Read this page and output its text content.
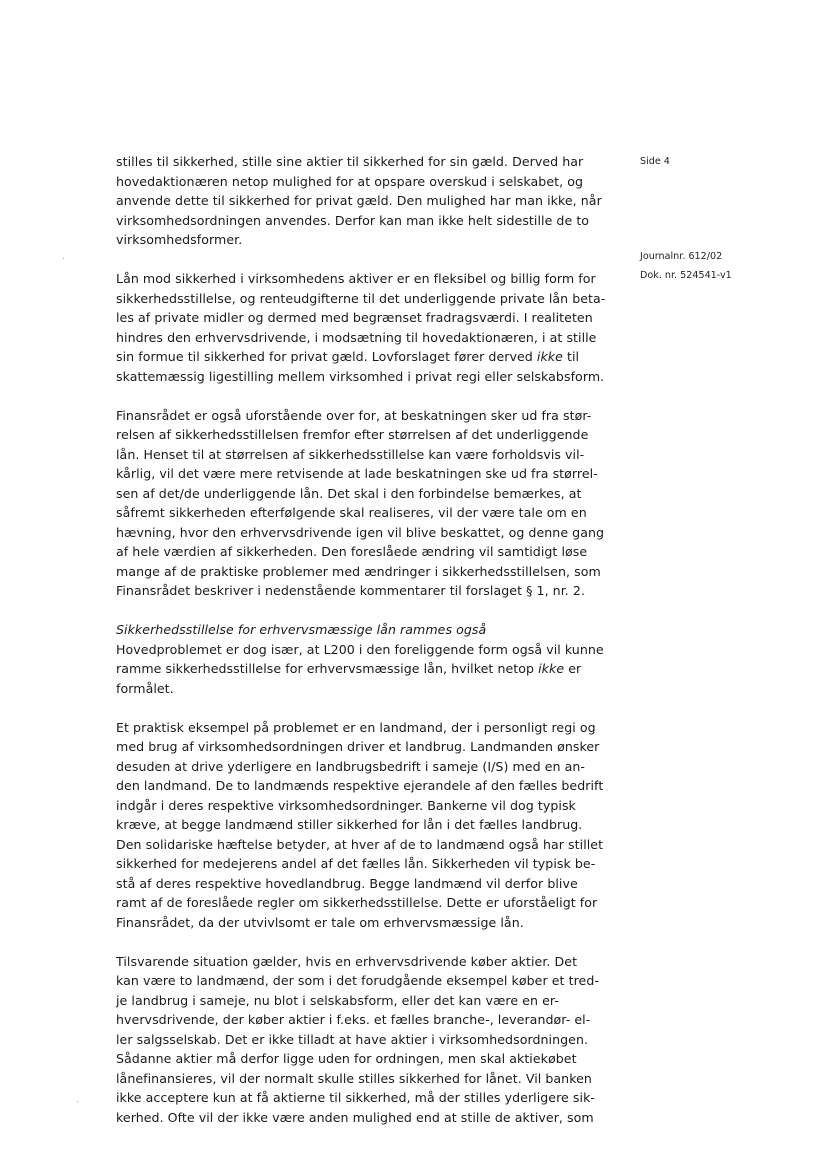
Side 4
Journalnr. 612/02
Dok. nr. 524541-v1
stilles til sikkerhed, stille sine aktier til sikkerhed for sin gæld. Derved har
hovedaktionæren netop mulighed for at opspare overskud i selskabet, og
anvende dette til sikkerhed for privat gæld. Den mulighed har man ikke, når
virksomhedsordningen anvendes. Derfor kan man ikke helt sidestille de to
virksomhedsformer.
Lån mod sikkerhed i virksomhedens aktiver er en fleksibel og billig form for
sikkerhedsstillelse, og renteudgifterne til det underliggende private lån beta-
les af private midler og dermed med begrænset fradragsværdi. I realiteten
hindres den erhvervsdrivende, i modsætning til hovedaktionæren, i at stille
sin formue til sikkerhed for privat gæld. Lovforslaget fører derved ikke til
skattemæssig ligestilling mellem virksomhed i privat regi eller selskabsform.
Finansrådet er også uforstående over for, at beskatningen sker ud fra stør-
relsen af sikkerhedsstillelsen fremfor efter størrelsen af det underliggende
lån. Henset til at størrelsen af sikkerhedsstillelse kan være forholdsvis vil-
kårlig, vil det være mere retvisende at lade beskatningen ske ud fra størrel-
sen af det/de underliggende lån. Det skal i den forbindelse bemærkes, at
såfremt sikkerheden efterfølgende skal realiseres, vil der være tale om en
hævning, hvor den erhvervsdrivende igen vil blive beskattet, og denne gang
af hele værdien af sikkerheden. Den foreslåede ændring vil samtidigt løse
mange af de praktiske problemer med ændringer i sikkerhedsstillelsen, som
Finansrådet beskriver i nedenstående kommentarer til forslaget § 1, nr. 2.
Sikkerhedsstillelse for erhvervsmæssige lån rammes også
Hovedproblemet er dog især, at L200 i den foreliggende form også vil kunne
ramme sikkerhedsstillelse for erhvervsmæssige lån, hvilket netop ikke er
formålet.
Et praktisk eksempel på problemet er en landmand, der i personligt regi og
med brug af virksomhedsordningen driver et landbrug. Landmanden ønsker
desuden at drive yderligere en landbrugsbedrift i sameje (I/S) med en an-
den landmand. De to landmænds respektive ejerandele af den fælles bedrift
indgår i deres respektive virksomhedsordninger. Bankerne vil dog typisk
kræve, at begge landmænd stiller sikkerhed for lån i det fælles landbrug.
Den solidariske hæftelse betyder, at hver af de to landmænd også har stillet
sikkerhed for medejerens andel af det fælles lån. Sikkerheden vil typisk be-
stå af deres respektive hovedlandbrug. Begge landmænd vil derfor blive
ramt af de foreslåede regler om sikkerhedsstillelse. Dette er uforståeligt for
Finansrådet, da der utvivlsomt er tale om erhvervsmæssige lån.
Tilsvarende situation gælder, hvis en erhvervsdrivende køber aktier. Det
kan være to landmænd, der som i det forudgående eksempel køber et tred-
je landbrug i sameje, nu blot i selskabsform, eller det kan være en er-
hvervsdrivende, der køber aktier i f.eks. et fælles branche-, leverandør- el-
ler salgsselskab. Det er ikke tilladt at have aktier i virksomhedsordningen.
Sådanne aktier må derfor ligge uden for ordningen, men skal aktiekøbet
lånefinansieres, vil der normalt skulle stilles sikkerhed for lånet. Vil banken
ikke acceptere kun at få aktierne til sikkerhed, må der stilles yderligere sik-
kerhed. Ofte vil der ikke være anden mulighed end at stille de aktiver, som
